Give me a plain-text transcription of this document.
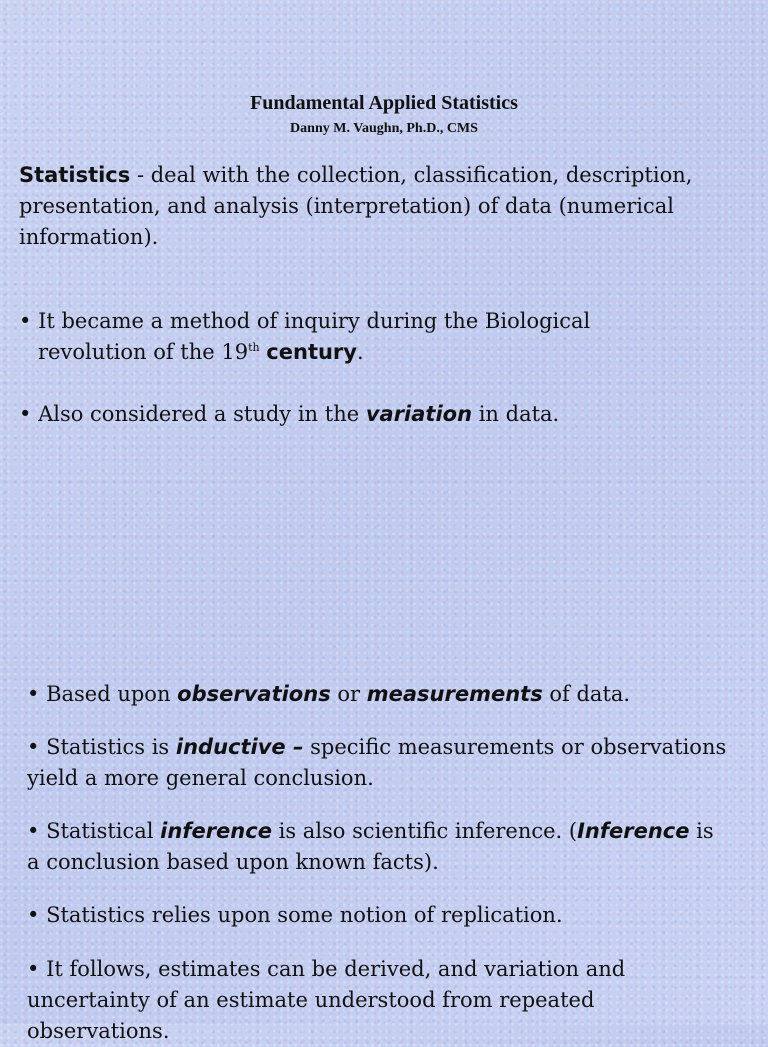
Fundamental Applied Statistics
Danny M. Vaughn, Ph.D., CMS

Statistics - deal with the collection, classification, description, presentation, and analysis (interpretation) of data (numerical information).

• It became a method of inquiry during the Biological
revolution of the 19th century.

• Also considered a study in the variation in data.

• Based upon observations or measurements of data.

• Statistics is inductive – specific measurements or observations yield a more general conclusion.

• Statistical inference is also scientific inference. (Inference is a conclusion based upon known facts).

• Statistics relies upon some notion of replication.

• It follows, estimates can be derived, and variation and uncertainty of an estimate understood from repeated observations.
